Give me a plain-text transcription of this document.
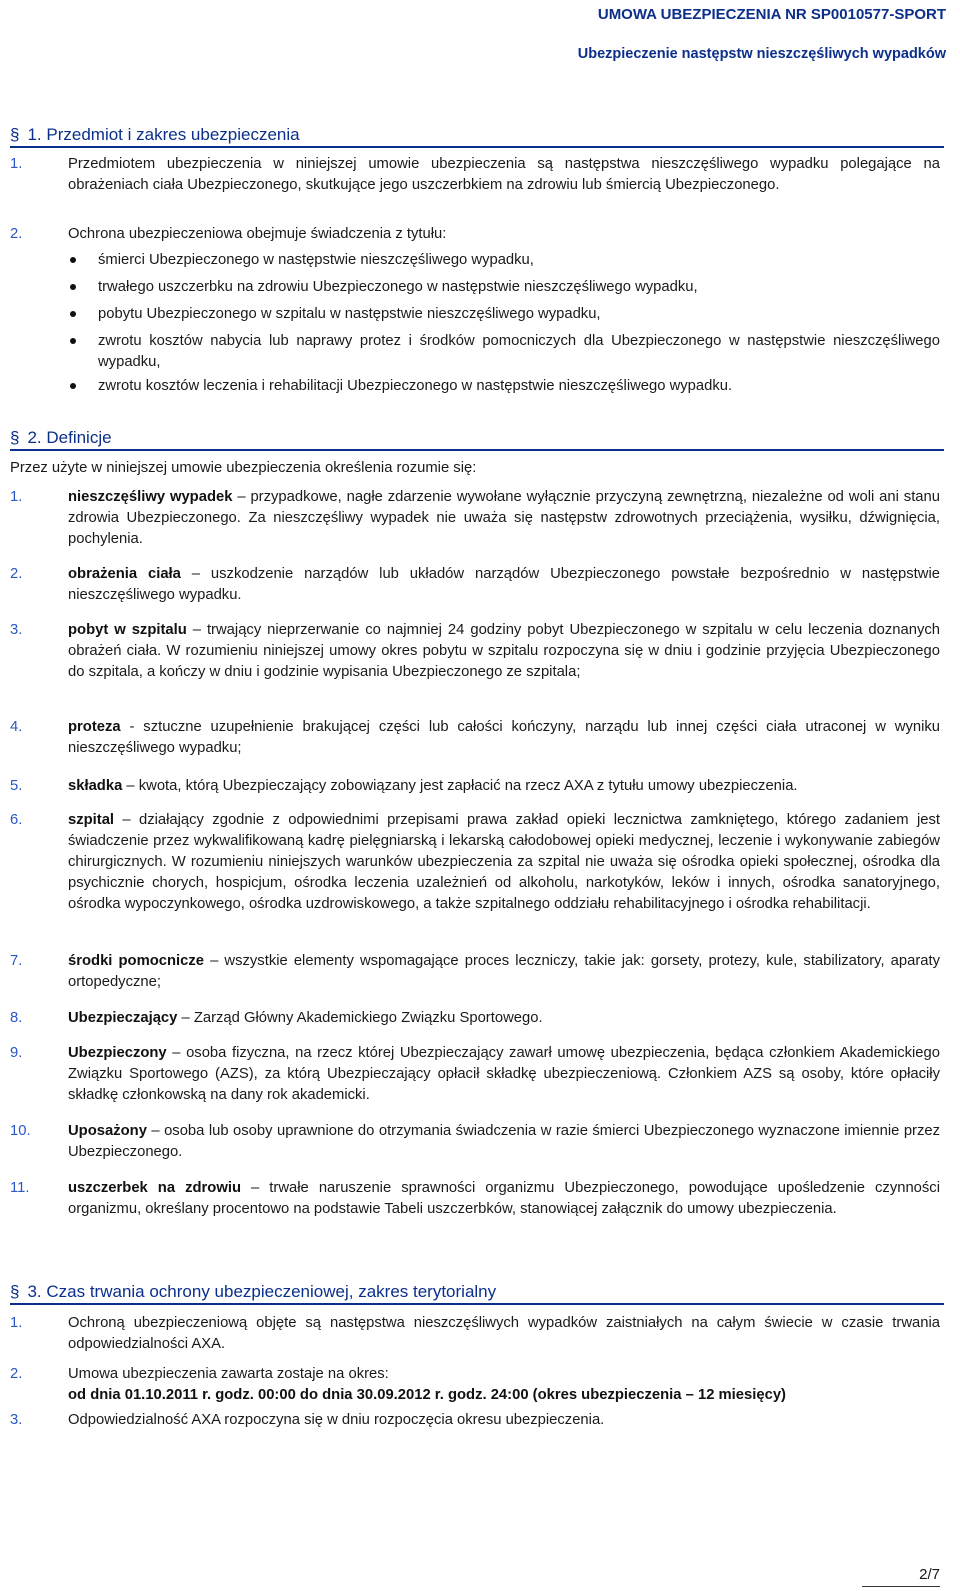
UMOWA UBEZPIECZENIA NR SP0010577-SPORT
Ubezpieczenie następstw nieszczęśliwych wypadków
§ 1. Przedmiot i zakres ubezpieczenia
1.	Przedmiotem ubezpieczenia w niniejszej umowie ubezpieczenia są następstwa nieszczęśliwego wypadku polegające na obrażeniach ciała Ubezpieczonego, skutkujące jego uszczerbkiem na zdrowiu lub śmiercią Ubezpieczonego.
2.	Ochrona ubezpieczeniowa obejmuje świadczenia z tytułu:
śmierci Ubezpieczonego w następstwie nieszczęśliwego wypadku,
trwałego uszczerbku na zdrowiu Ubezpieczonego w następstwie nieszczęśliwego wypadku,
pobytu Ubezpieczonego w szpitalu w następstwie nieszczęśliwego wypadku,
zwrotu kosztów nabycia lub naprawy protez i środków pomocniczych dla Ubezpieczonego w następstwie nieszczęśliwego wypadku,
zwrotu kosztów leczenia i rehabilitacji Ubezpieczonego w następstwie nieszczęśliwego wypadku.
§ 2. Definicje
Przez użyte w niniejszej umowie ubezpieczenia określenia rozumie się:
1.	nieszczęśliwy wypadek – przypadkowe, nagłe zdarzenie wywołane wyłącznie przyczyną zewnętrzną, niezależne od woli ani stanu zdrowia Ubezpieczonego. Za nieszczęśliwy wypadek nie uważa się następstw zdrowotnych przeciążenia, wysiłku, dźwignięcia, pochylenia.
2.	obrażenia ciała – uszkodzenie narządów lub układów narządów Ubezpieczonego powstałe bezpośrednio w następstwie nieszczęśliwego wypadku.
3.	pobyt w szpitalu – trwający nieprzerwanie co najmniej 24 godziny pobyt Ubezpieczonego w szpitalu w celu leczenia doznanych obrażeń ciała. W rozumieniu niniejszej umowy okres pobytu w szpitalu rozpoczyna się w dniu i godzinie przyjęcia Ubezpieczonego do szpitala, a kończy w dniu i godzinie wypisania Ubezpieczonego ze szpitala;
4.	proteza - sztuczne uzupełnienie brakującej części lub całości kończyny, narządu lub innej części ciała utraconej w wyniku nieszczęśliwego wypadku;
5.	składka – kwota, którą Ubezpieczający zobowiązany jest zapłacić na rzecz AXA z tytułu umowy ubezpieczenia.
6.	szpital – działający zgodnie z odpowiednimi przepisami prawa zakład opieki lecznictwa zamkniętego, którego zadaniem jest świadczenie przez wykwalifikowaną kadrę pielęgniarską i lekarską całodobowej opieki medycznej, leczenie i wykonywanie zabiegów chirurgicznych. W rozumieniu niniejszych warunków ubezpieczenia za szpital nie uważa się ośrodka opieki społecznej, ośrodka dla psychicznie chorych, hospicjum, ośrodka leczenia uzależnień od alkoholu, narkotyków, leków i innych, ośrodka sanatoryjnego, ośrodka wypoczynkowego, ośrodka uzdrowiskowego, a także szpitalnego oddziału rehabilitacyjnego i ośrodka rehabilitacji.
7.	środki pomocnicze – wszystkie elementy wspomagające proces leczniczy, takie jak: gorsety, protezy, kule, stabilizatory, aparaty ortopedyczne;
8.	Ubezpieczający – Zarząd Główny Akademickiego Związku Sportowego.
9.	Ubezpieczony – osoba fizyczna, na rzecz której Ubezpieczający zawarł umowę ubezpieczenia, będąca członkiem Akademickiego Związku Sportowego (AZS), za którą Ubezpieczający opłacił składkę ubezpieczeniową. Członkiem AZS są osoby, które opłaciły składkę członkowską na dany rok akademicki.
10.	Uposażony – osoba lub osoby uprawnione do otrzymania świadczenia w razie śmierci Ubezpieczonego wyznaczone imiennie przez Ubezpieczonego.
11.	uszczerbek na zdrowiu – trwałe naruszenie sprawności organizmu Ubezpieczonego, powodujące upośledzenie czynności organizmu, określany procentowo na podstawie Tabeli uszczerbków, stanowiącej załącznik do umowy ubezpieczenia.
§ 3. Czas trwania ochrony ubezpieczeniowej, zakres terytorialny
1.	Ochroną ubezpieczeniową objęte są następstwa nieszczęśliwych wypadków zaistniałych na całym świecie w czasie trwania odpowiedzialności AXA.
2.	Umowa ubezpieczenia zawarta zostaje na okres:
od dnia 01.10.2011 r. godz. 00:00 do dnia 30.09.2012 r. godz. 24:00 (okres ubezpieczenia – 12 miesięcy)
3.	Odpowiedzialność AXA rozpoczyna się w dniu rozpoczęcia okresu ubezpieczenia.
2/7
